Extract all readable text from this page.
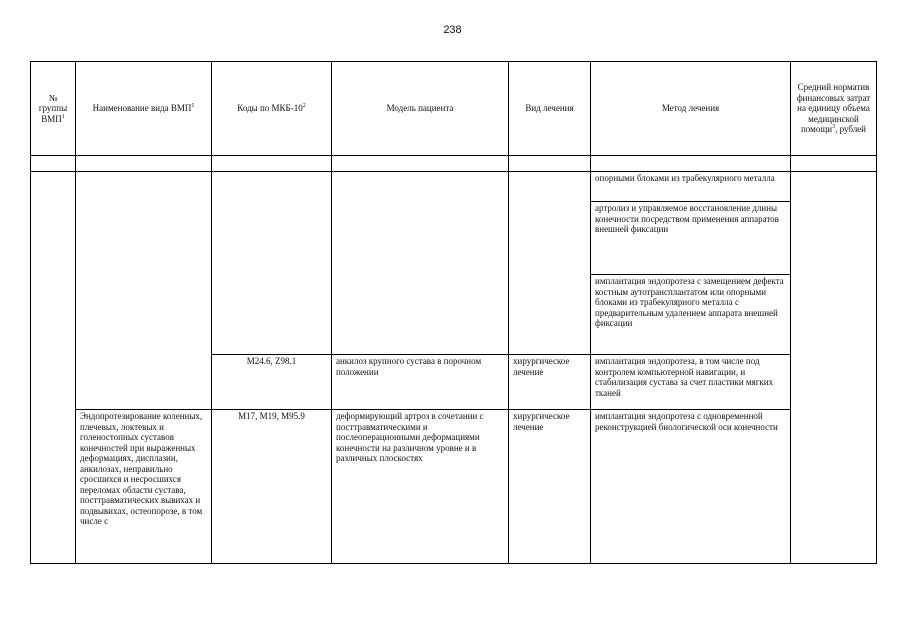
238
№ группы ВМП$^1$	Наименование вида ВМП$^1$	Коды по МКБ-$10^2$	Модель пациента	Вид лечения	Метод лечения	Средний норматив финансовых затрат на единицу объема медицинской помощи$^3$, рублей

					опорными блоками из трабекулярного металла	
					артролиз и управляемое восстановление длины конечности посредством применения аппаратов внешней фиксации	
					имплантация эндопротеза с замещением дефекта костным аутотрансплантатом или опорными блоками из трабекулярного металла с предварительным удалением аппарата внешней фиксации	
		M24.6, Z98.1	анкилоз крупного сустава в порочном положении	хирургическое лечение	имплантация эндопротеза, в том числе под контролем компьютерной навигации, и стабилизация сустава за счет пластики мягких тканей	
	Эндопротезирование коленных, плечевых, локтевых и голеностопных суставов конечностей при выраженных деформациях, дисплазии, анкилозах, неправильно сросшихся и несросшихся переломах области сустава, посттравматических вывихах и подвывихах, остеопорозе, в том числе с	M17, M19, M95.9	деформирующий артроз в сочетании с посттравматическими и послеоперационными деформациями конечности на различном уровне и в различных плоскостях	хирургическое лечение	имплантация эндопротеза с одновременной реконструкцией биологической оси конечности	
